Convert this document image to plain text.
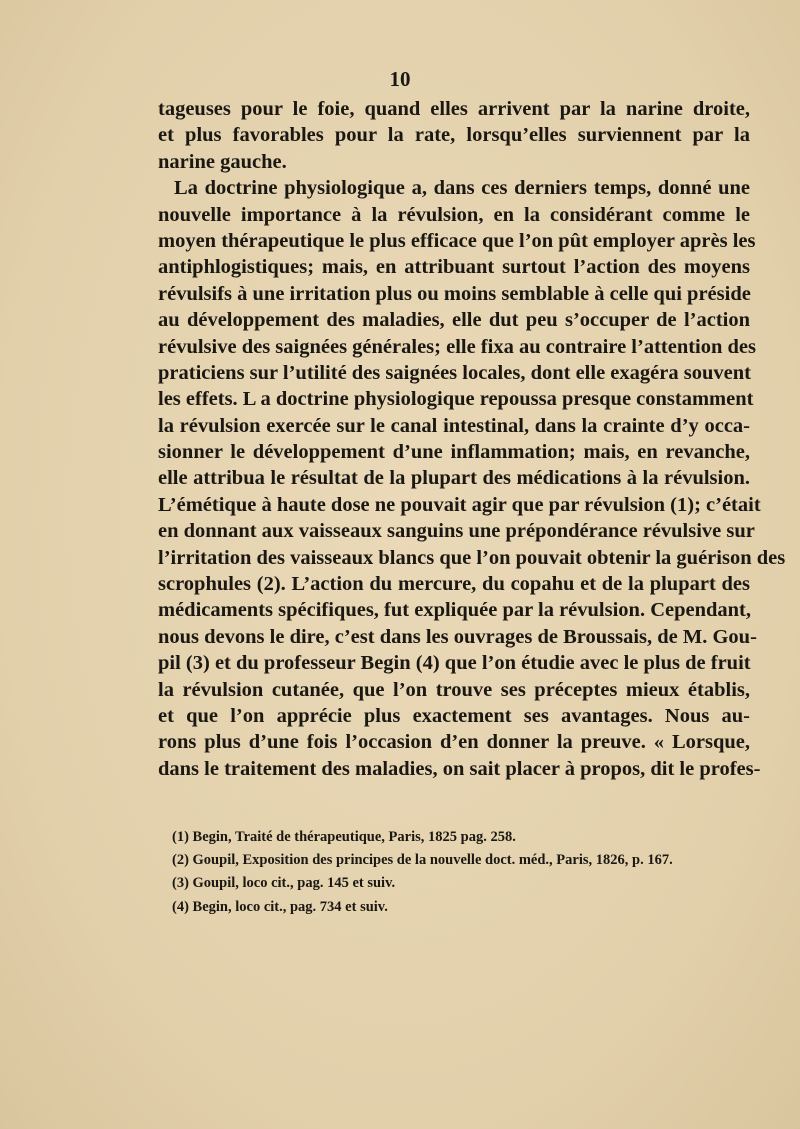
10
tageuses pour le foie, quand elles arrivent par la narine droite,
et plus favorables pour la rate, lorsqu’elles surviennent par la
narine gauche.
La doctrine physiologique a, dans ces derniers temps, donné une
nouvelle importance à la révulsion, en la considérant comme le
moyen thérapeutique le plus efficace que l’on pût employer après les
antiphlogistiques; mais, en attribuant surtout l’action des moyens
révulsifs à une irritation plus ou moins semblable à celle qui préside
au développement des maladies, elle dut peu s’occuper de l’action
révulsive des saignées générales; elle fixa au contraire l’attention des
praticiens sur l’utilité des saignées locales, dont elle exagéra souvent
les effets. L a doctrine physiologique repoussa presque constamment
la révulsion exercée sur le canal intestinal, dans la crainte d’y occa-
sionner le développement d’une inflammation; mais, en revanche,
elle attribua le résultat de la plupart des médications à la révulsion.
L’émétique à haute dose ne pouvait agir que par révulsion (1); c’était
en donnant aux vaisseaux sanguins une prépondérance révulsive sur
l’irritation des vaisseaux blancs que l’on pouvait obtenir la guérison des
scrophules (2). L’action du mercure, du copahu et de la plupart des
médicaments spécifiques, fut expliquée par la révulsion. Cependant,
nous devons le dire, c’est dans les ouvrages de Broussais, de M. Gou-
pil (3) et du professeur Begin (4) que l’on étudie avec le plus de fruit
la révulsion cutanée, que l’on trouve ses préceptes mieux établis,
et que l’on apprécie plus exactement ses avantages. Nous au-
rons plus d’une fois l’occasion d’en donner la preuve. « Lorsque,
dans le traitement des maladies, on sait placer à propos, dit le profes-
(1) Begin, Traité de thérapeutique, Paris, 1825 pag. 258.
(2) Goupil, Exposition des principes de la nouvelle doct. méd., Paris, 1826, p. 167.
(3) Goupil, loco cit., pag. 145 et suiv.
(4) Begin, loco cit., pag. 734 et suiv.
